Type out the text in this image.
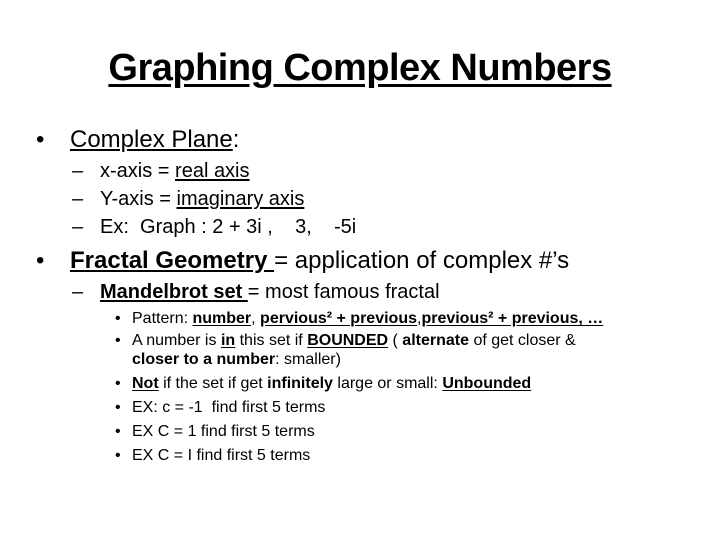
Graphing Complex Numbers
• Complex Plane:
– x-axis = real axis
– Y-axis = imaginary axis
– Ex:  Graph : 2 + 3i ,    3,    -5i
• Fractal Geometry = application of complex #’s
– Mandelbrot set = most famous fractal
• Pattern: number, pervious² + previous,previous² + previous, …
• A number is in this set if BOUNDED ( alternate of get closer &
closer to a number: smaller)
• Not if the set if get infinitely large or small: Unbounded
• EX: c = -1  find first 5 terms
• EX C = 1 find first 5 terms
• EX C = I find first 5 terms
